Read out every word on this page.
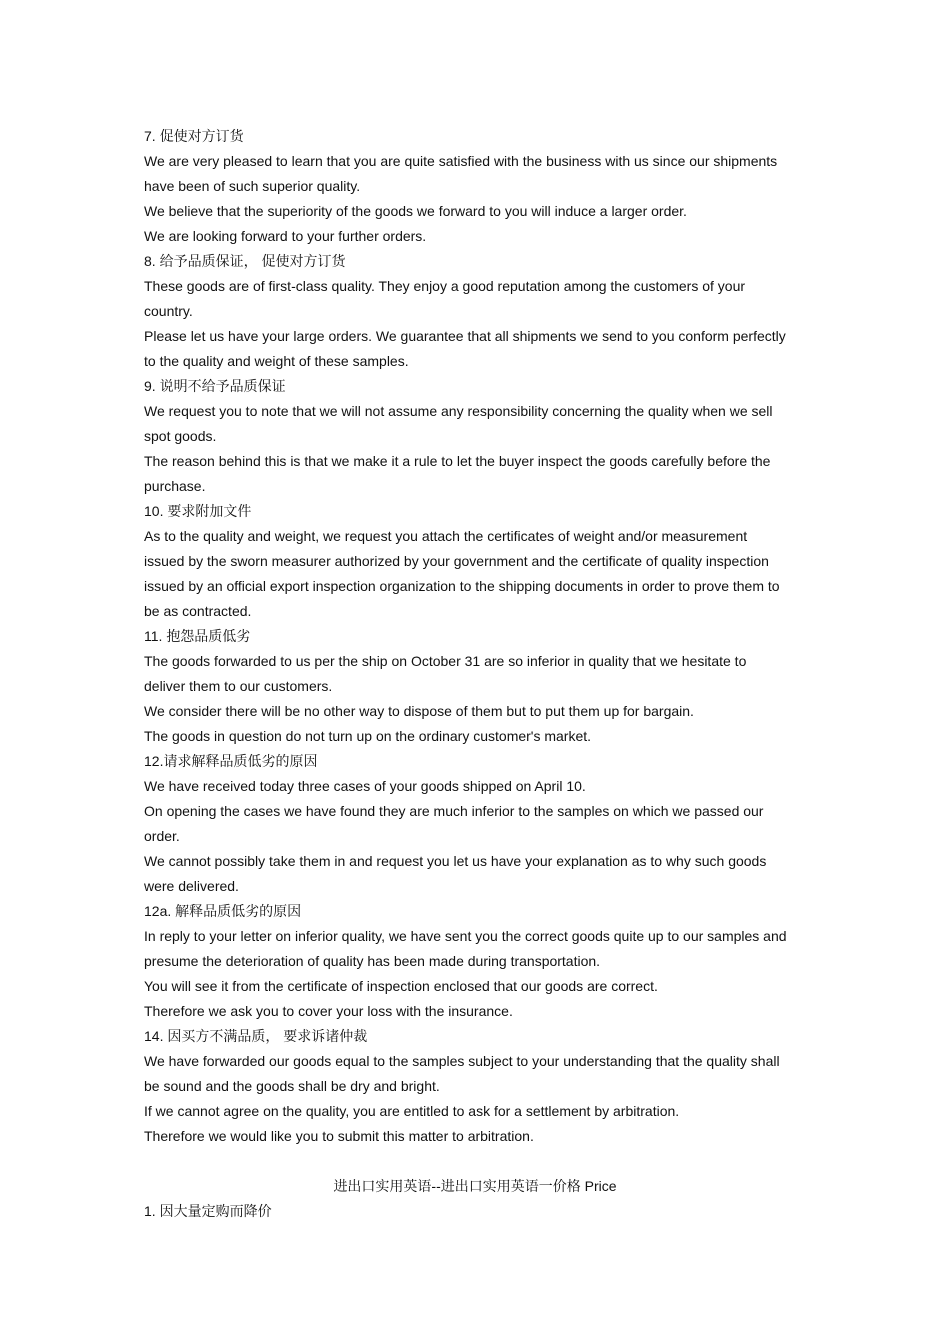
7. 促使对方订货
We are very pleased to learn that you are quite satisfied with the business with us since our shipments
have been of such superior quality.
We believe that the superiority of the goods we forward to you will induce a larger order.
We are looking forward to your further orders.
8. 给予品质保证， 促使对方订货
These goods are of first-class quality. They enjoy a good reputation among the customers of your
country.
Please let us have your large orders. We guarantee that all shipments we send to you conform perfectly
to the quality and weight of these samples.
9. 说明不给予品质保证
We request you to note that we will not assume any responsibility concerning the quality when we sell
spot goods.
The reason behind this is that we make it a rule to let the buyer inspect the goods carefully before the
purchase.
10. 要求附加文件
As to the quality and weight, we request you attach the certificates of weight and/or measurement
issued by the sworn measurer authorized by your government and the certificate of quality inspection
issued by an official export inspection organization to the shipping documents in order to prove them to
be as contracted.
11. 抱怨品质低劣
The goods forwarded to us per the ship on October 31 are so inferior in quality that we hesitate to
deliver them to our customers.
We consider there will be no other way to dispose of them but to put them up for bargain.
The goods in question do not turn up on the ordinary customer's market.
12.请求解释品质低劣的原因
We have received today three cases of your goods shipped on April 10.
On opening the cases we have found they are much inferior to the samples on which we passed our
order.
We cannot possibly take them in and request you let us have your explanation as to why such goods
were delivered.
12a. 解释品质低劣的原因
In reply to your letter on inferior quality, we have sent you the correct goods quite up to our samples and
presume the deterioration of quality has been made during transportation.
You will see it from the certificate of inspection enclosed that our goods are correct.
Therefore we ask you to cover your loss with the insurance.
14. 因买方不满品质， 要求诉诸仲裁
We have forwarded our goods equal to the samples subject to your understanding that the quality shall
be sound and the goods shall be dry and bright.
If we cannot agree on the quality, you are entitled to ask for a settlement by arbitration.
Therefore we would like you to submit this matter to arbitration.
进出口实用英语--进出口实用英语一价格 Price
1. 因大量定购而降价
